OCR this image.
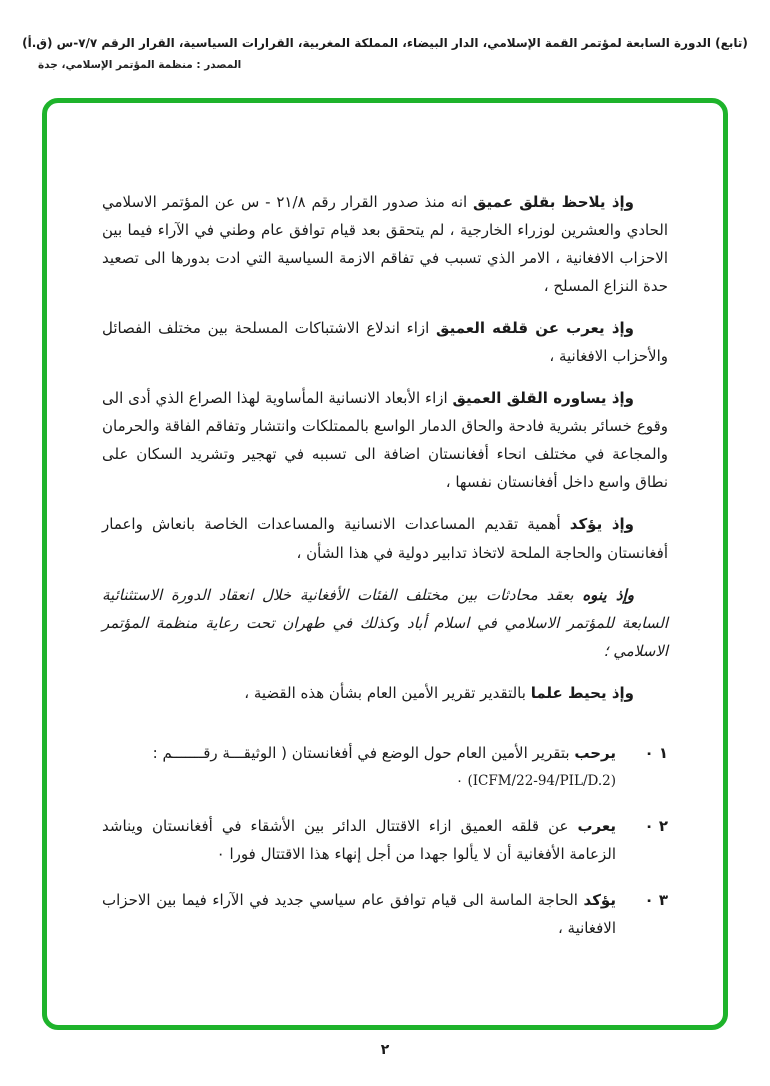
(تابع) الدورة السابعة لمؤتمر القمة الإسلامي، الدار البيضاء، المملكة المغربية، القرارات السياسية، القرار الرقم ٧/٧-س (ق.أ)
المصدر : منظمة المؤتمر الإسلامي، جدة

وإذ يلاحظ بقلق عميق انه منذ صدور القرار رقم ٢١/٨ - س عن المؤتمر الاسلامي الحادي والعشرين لوزراء الخارجية ، لم يتحقق بعد قيام توافق عام وطني في الآراء فيما بين الاحزاب الافغانية ، الامر الذي تسبب في تفاقم الازمة السياسية التي ادت بدورها الى تصعيد حدة النزاع المسلح ،

وإذ يعرب عن قلقه العميق ازاء اندلاع الاشتباكات المسلحة بين مختلف الفصائل والأحزاب الافغانية ،

وإذ يساوره القلق العميق ازاء الأبعاد الانسانية المأساوية لهذا الصراع الذي أدى الى وقوع خسائر بشرية فادحة والحاق الدمار الواسع بالممتلكات وانتشار وتفاقم الفاقة والحرمان والمجاعة في مختلف انحاء أفغانستان اضافة الى تسببه في تهجير وتشريد السكان على نطاق واسع داخل أفغانستان نفسها ،

وإذ يؤكد أهمية تقديم المساعدات الانسانية والمساعدات الخاصة بانعاش واعمار أفغانستان والحاجة الملحة لاتخاذ تدابير دولية في هذا الشأن ،

وإذ ينوه بعقد محادثات بين مختلف الفئات الأفغانية خلال انعقاد الدورة الاستثنائية السابعة للمؤتمر الاسلامي في اسلام أباد وكذلك في طهران تحت رعاية منظمة المؤتمر الاسلامي ؛

وإذ يحيط علما بالتقدير تقرير الأمين العام بشأن هذه القضية ،

١ ٠
يرحب بتقرير الأمين العام حول الوضع في أفغانستان ( الوثيقـــة رقـــــــم :
(ICFM/22-94/PIL/D.2) ٠
٢ ٠
يعرب عن قلقه العميق ازاء الاقتتال الدائر بين الأشقاء في أفغانستان ويناشد الزعامة الأفغانية أن لا يألوا جهدا من أجل إنهاء هذا الاقتتال فورا ٠
٣ ٠
يؤكد الحاجة الماسة الى قيام توافق عام سياسي جديد في الآراء فيما بين الاحزاب الافغانية ،
٢
